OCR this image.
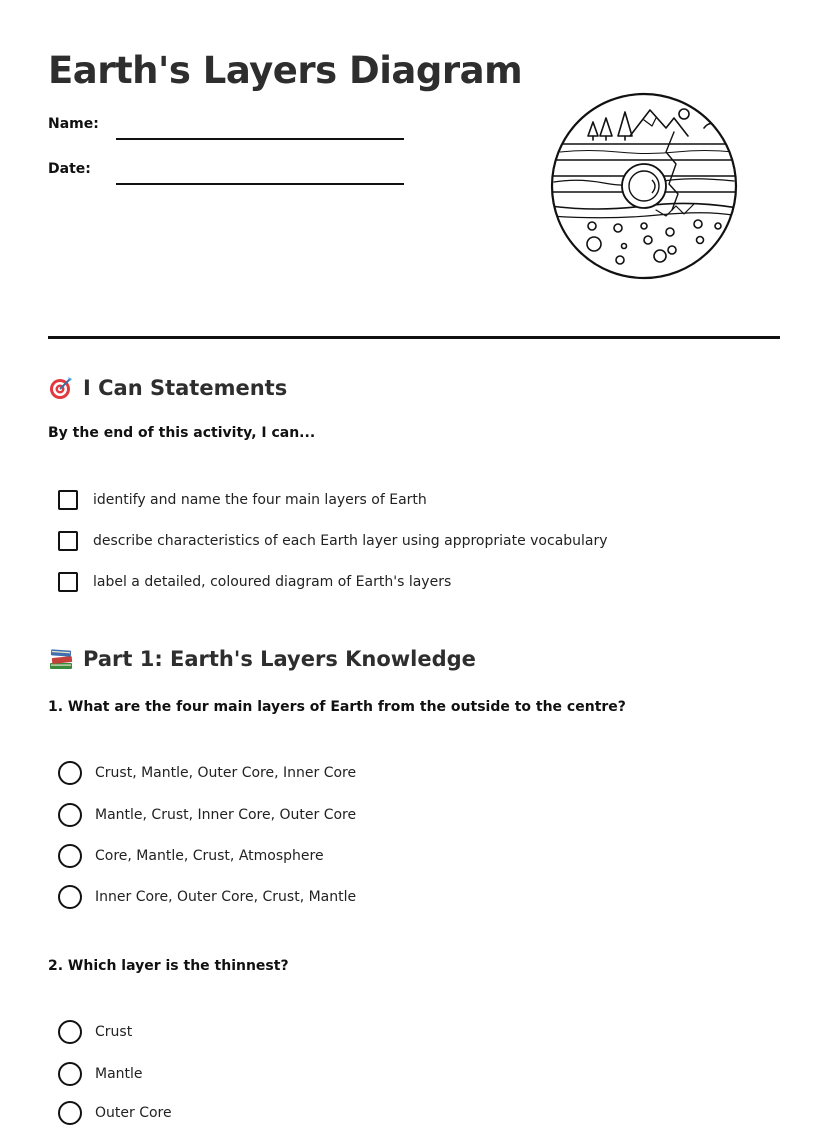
Earth's Layers Diagram
Name:
Date:
I Can Statements

By the end of this activity, I can...

identify and name the four main layers of Earth
describe characteristics of each Earth layer using appropriate vocabulary
label a detailed, coloured diagram of Earth's layers
Part 1: Earth's Layers Knowledge

1. What are the four main layers of Earth from the outside to the centre?

Crust, Mantle, Outer Core, Inner Core
Mantle, Crust, Inner Core, Outer Core
Core, Mantle, Crust, Atmosphere
Inner Core, Outer Core, Crust, Mantle

2. Which layer is the thinnest?

Crust
Mantle
Outer Core
